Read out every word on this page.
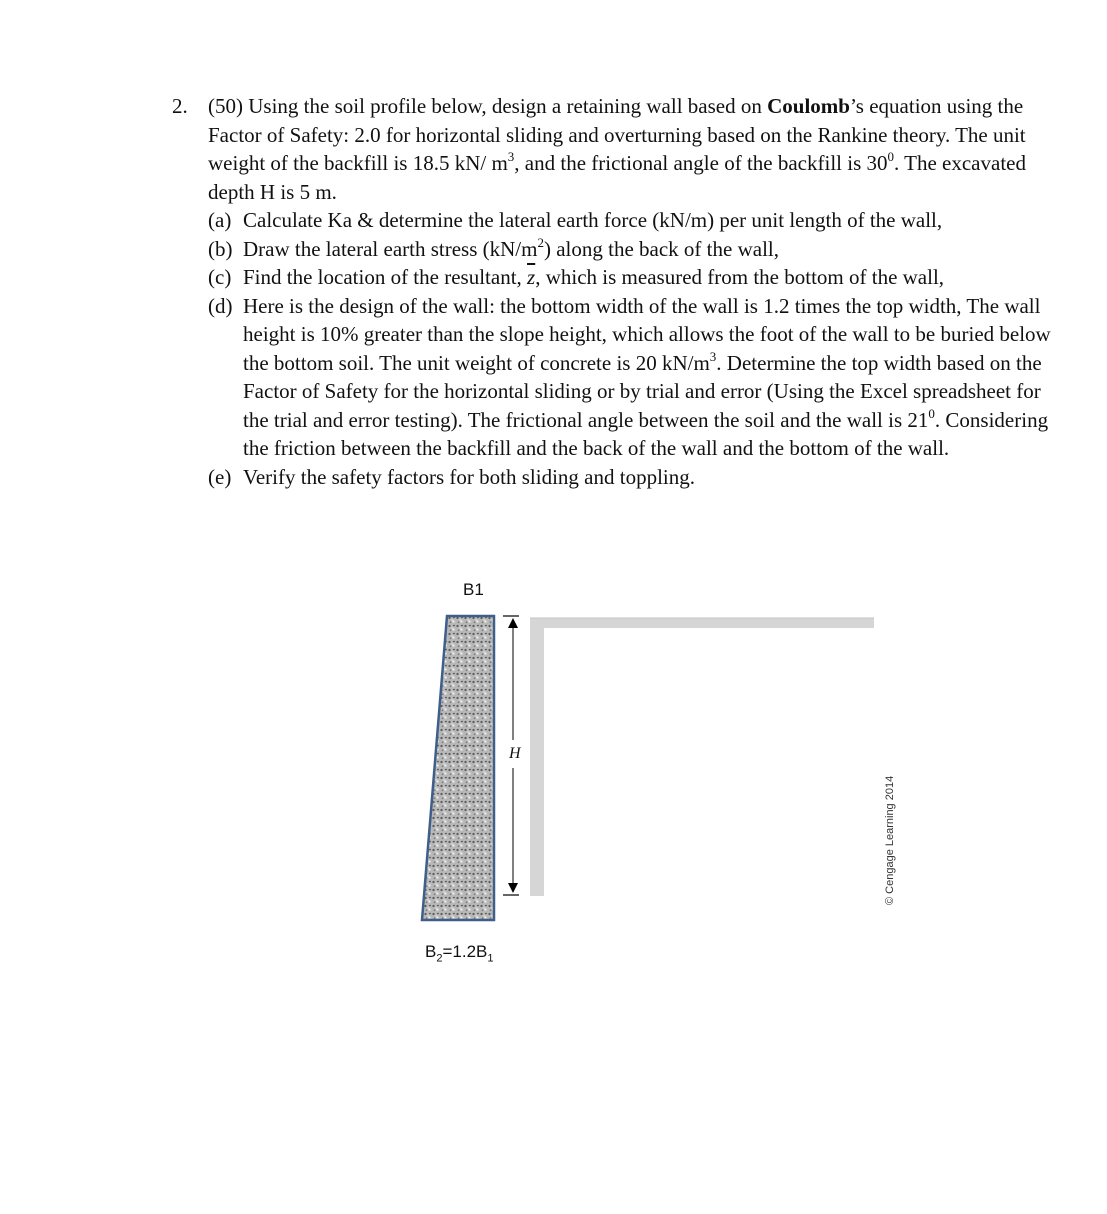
2. (50) Using the soil profile below, design a retaining wall based on Coulomb’s equation using the Factor of Safety: 2.0 for horizontal sliding and overturning based on the Rankine theory. The unit weight of the backfill is 18.5 kN/ $m^3$, and the frictional angle of the backfill is $30^0$. The excavated depth H is 5 m.
(a) Calculate Ka & determine the lateral earth force (kN/m) per unit length of the wall,
(b) Draw the lateral earth stress $(kN/m^2)$ along the back of the wall,
(c) Find the location of the resultant, $\overline{z}$, which is measured from the bottom of the wall,
(d) Here is the design of the wall: the bottom width of the wall is 1.2 times the top width, The wall height is 10% greater than the slope height, which allows the foot of the wall to be buried below the bottom soil. The unit weight of concrete is 20 $kN/m^3$. Determine the top width based on the Factor of Safety for the horizontal sliding or by trial and error (Using the Excel spreadsheet for the trial and error testing). The frictional angle between the soil and the wall is $21^0$. Considering the friction between the backfill and the back of the wall and the bottom of the wall.
(e) Verify the safety factors for both sliding and toppling.
B1
H
$B_2=1.2B_1$
© Cengage Learning 2014
